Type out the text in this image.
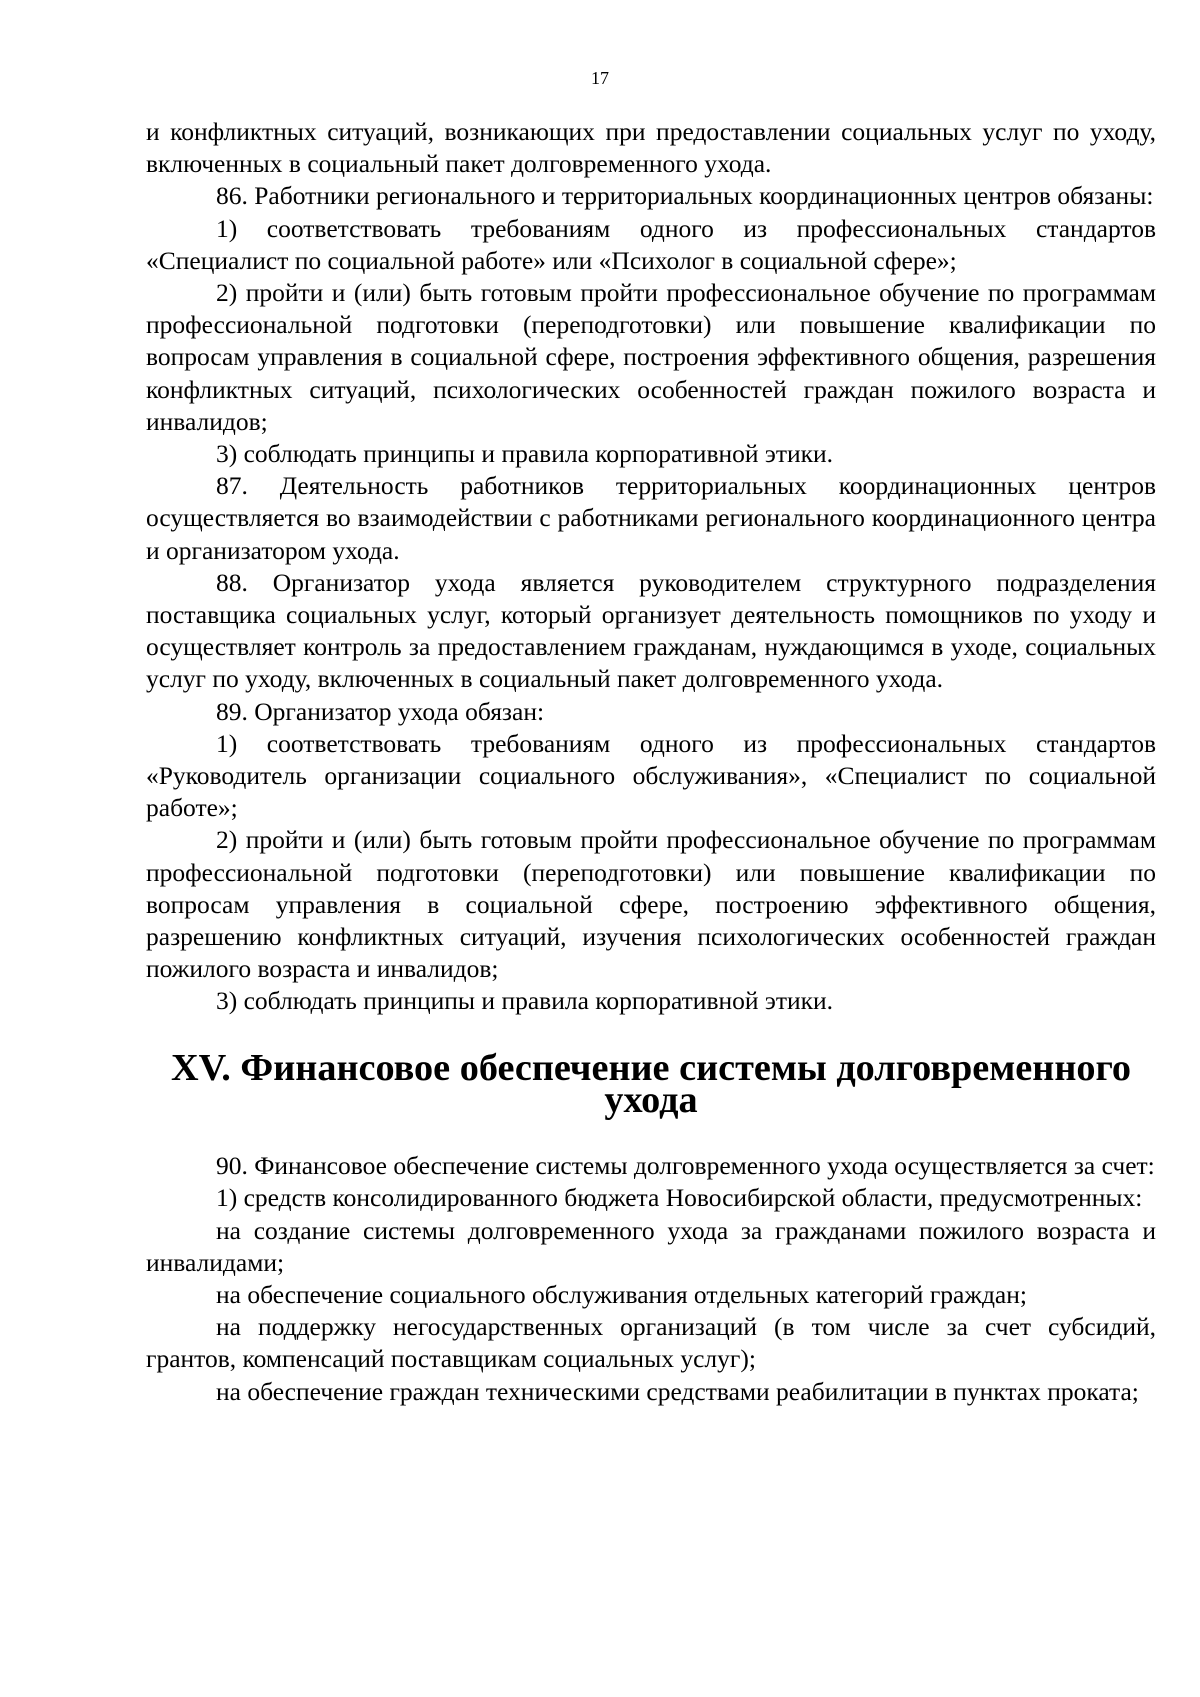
17

и конфликтных ситуаций, возникающих при предоставлении социальных услуг по уходу, включенных в социальный пакет долговременного ухода.

86. Работники регионального и территориальных координационных центров обязаны:

1) соответствовать требованиям одного из профессиональных стандартов «Специалист по социальной работе» или «Психолог в социальной сфере»;

2) пройти и (или) быть готовым пройти профессиональное обучение по программам профессиональной подготовки (переподготовки) или повышение квалификации по вопросам управления в социальной сфере, построения эффективного общения, разрешения конфликтных ситуаций, психологических особенностей граждан пожилого возраста и инвалидов;

3) соблюдать принципы и правила корпоративной этики.

87. Деятельность работников территориальных координационных центров осуществляется во взаимодействии с работниками регионального координационного центра и организатором ухода.

88. Организатор ухода является руководителем структурного подразделения поставщика социальных услуг, который организует деятельность помощников по уходу и осуществляет контроль за предоставлением гражданам, нуждающимся в уходе, социальных услуг по уходу, включенных в социальный пакет долговременного ухода.

89. Организатор ухода обязан:

1) соответствовать требованиям одного из профессиональных стандартов «Руководитель организации социального обслуживания», «Специалист по социальной работе»;

2) пройти и (или) быть готовым пройти профессиональное обучение по программам профессиональной подготовки (переподготовки) или повышение квалификации по вопросам управления в социальной сфере, построению эффективного общения, разрешению конфликтных ситуаций, изучения психологических особенностей граждан пожилого возраста и инвалидов;

3) соблюдать принципы и правила корпоративной этики.

XV. Финансовое обеспечение системы долговременного ухода

90. Финансовое обеспечение системы долговременного ухода осуществляется за счет:

1) средств консолидированного бюджета Новосибирской области, предусмотренных:

на создание системы долговременного ухода за гражданами пожилого возраста и инвалидами;

на обеспечение социального обслуживания отдельных категорий граждан;

на поддержку негосударственных организаций (в том числе за счет субсидий, грантов, компенсаций поставщикам социальных услуг);

на обеспечение граждан техническими средствами реабилитации в пунктах проката;
